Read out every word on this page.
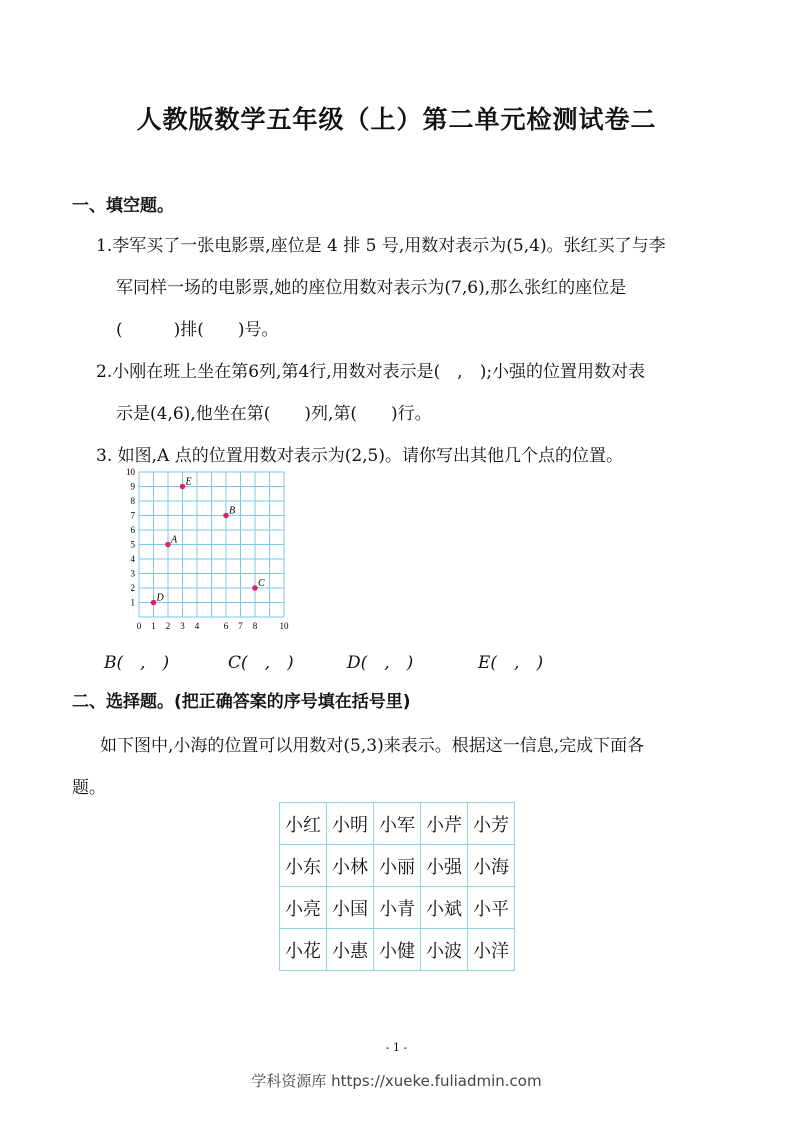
人教版数学五年级（上）第二单元检测试卷二
一、填空题。
1.李军买了一张电影票,座位是 4 排 5 号,用数对表示为(5,4)。张红买了与李
军同样一场的电影票,她的座位用数对表示为(7,6),那么张红的座位是
(　　　)排(　　)号。
2.小刚在班上坐在第6列,第4行,用数对表示是(　,　);小强的位置用数对表
示是(4,6),他坐在第(　　)列,第(　　)行。
3. 如图,A 点的位置用数对表示为(2,5)。请你写出其他几个点的位置。
0 1 2 3 4	6 7 8 10
1
2
3
4
5
6
7
8
9
10
E
B
A
C
D
B(　,　)	C(　,　)	D(　,　)	E(　,　)
二、选择题。(把正确答案的序号填在括号里)
如下图中,小海的位置可以用数对(5,3)来表示。根据这一信息,完成下面各
题。
小红	小明	小军	小芹	小芳
小东	小林	小丽	小强	小海
小亮	小国	小青	小斌	小平
小花	小惠	小健	小波	小洋
- 1 -
学科资源库 https://xueke.fuliadmin.com
